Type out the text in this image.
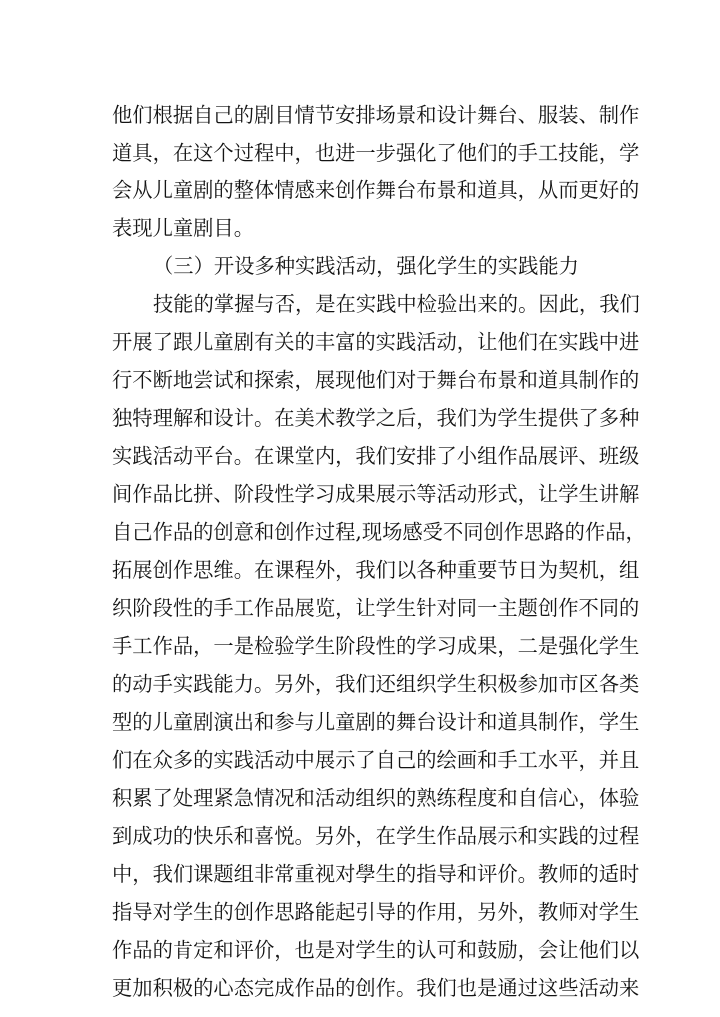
他们根据自己的剧目情节安排场景和设计舞台、服装、制作
道具，在这个过程中，也进一步强化了他们的手工技能，学
会从儿童剧的整体情感来创作舞台布景和道具，从而更好的
表现儿童剧目。
（三）开设多种实践活动，强化学生的实践能力
技能的掌握与否，是在实践中检验出来的。因此，我们
开展了跟儿童剧有关的丰富的实践活动，让他们在实践中进
行不断地尝试和探索，展现他们对于舞台布景和道具制作的
独特理解和设计。在美术教学之后，我们为学生提供了多种
实践活动平台。在课堂内，我们安排了小组作品展评、班级
间作品比拼、阶段性学习成果展示等活动形式，让学生讲解
自己作品的创意和创作过程,现场感受不同创作思路的作品，
拓展创作思维。在课程外，我们以各种重要节日为契机，组
织阶段性的手工作品展览，让学生针对同一主题创作不同的
手工作品，一是检验学生阶段性的学习成果，二是强化学生
的动手实践能力。另外，我们还组织学生积极参加市区各类
型的儿童剧演出和参与儿童剧的舞台设计和道具制作，学生
们在众多的实践活动中展示了自己的绘画和手工水平，并且
积累了处理紧急情况和活动组织的熟练程度和自信心，体验
到成功的快乐和喜悦。另外，在学生作品展示和实践的过程
中，我们课题组非常重视对學生的指导和评价。教师的适时
指导对学生的创作思路能起引导的作用，另外，教师对学生
作品的肯定和评价，也是对学生的认可和鼓励，会让他们以
更加积极的心态完成作品的创作。我们也是通过这些活动来
